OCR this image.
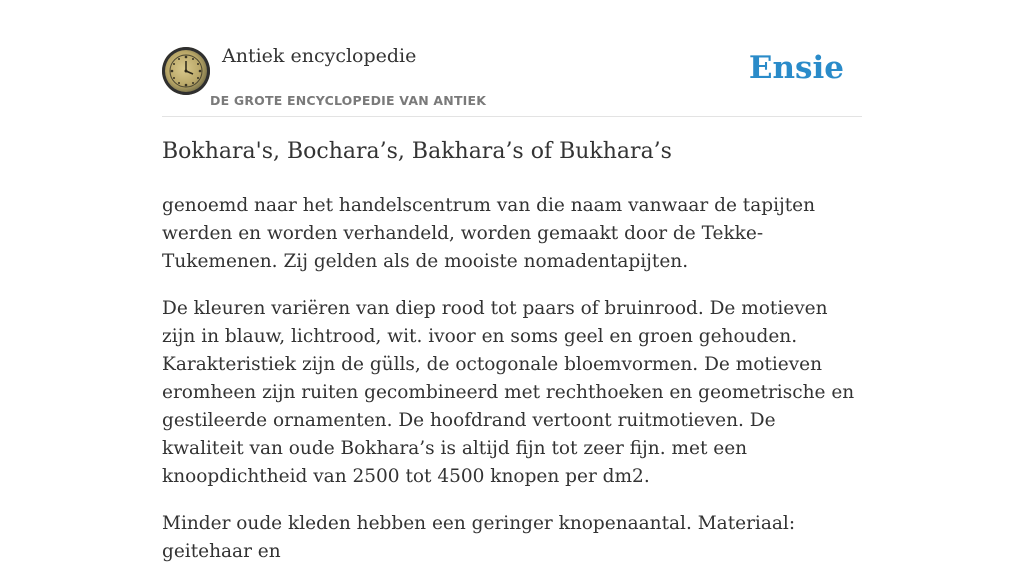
Antiek encyclopedie
DE GROTE ENCYCLOPEDIE VAN ANTIEK
Ensie
Bokhara's, Bochara’s, Bakhara’s of Bukhara’s

genoemd naar het handelscentrum van die naam vanwaar de tapijten werden en worden verhandeld, worden gemaakt door de Tekke-Tukemenen. Zij gelden als de mooiste nomadentapijten.

De kleuren variëren van diep rood tot paars of bruinrood. De motieven zijn in blauw, lichtrood, wit. ivoor en soms geel en groen gehouden. Karakteristiek zijn de gülls, de octogonale bloemvormen. De motieven eromheen zijn ruiten gecombineerd met rechthoeken en geometrische en gestileerde ornamenten. De hoofdrand vertoont ruitmotieven. De kwaliteit van oude Bokhara’s is altijd fijn tot zeer fijn. met een knoopdichtheid van 2500 tot 4500 knopen per dm2.

Minder oude kleden hebben een geringer knopenaantal. Materiaal: geitehaar en
